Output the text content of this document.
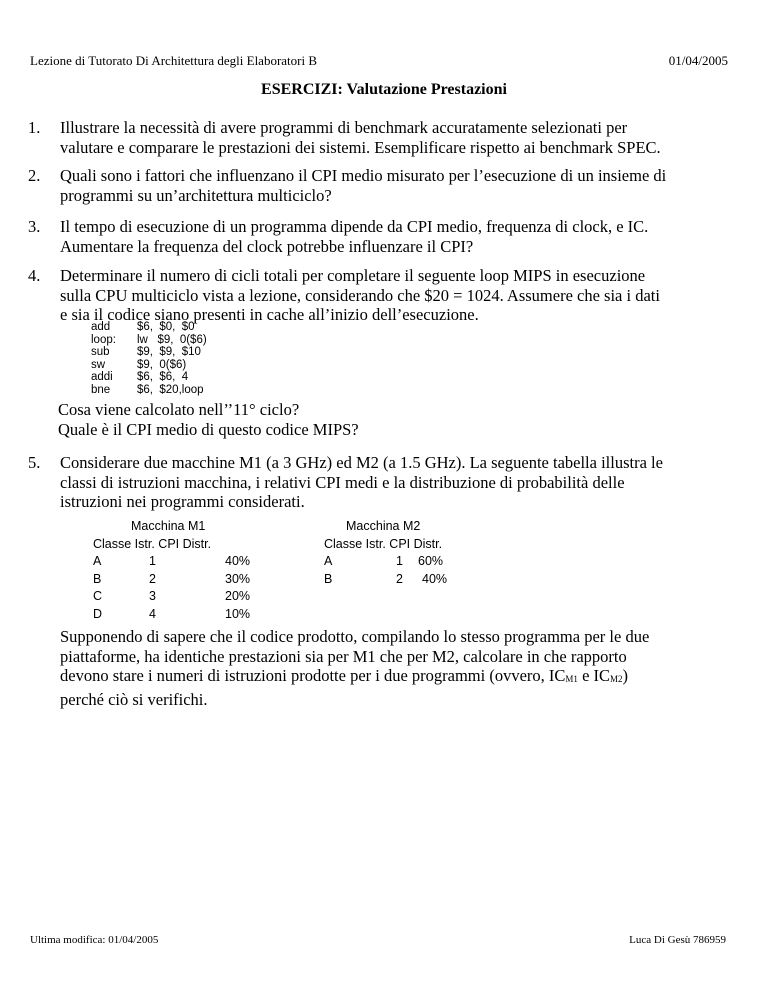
Lezione di Tutorato Di Architettura degli Elaboratori B	01/04/2005
ESERCIZI: Valutazione Prestazioni
1. Illustrare la necessità di avere programmi di benchmark accuratamente selezionati per
valutare e comparare le prestazioni dei sistemi. Esemplificare rispetto ai benchmark SPEC.
2. Quali sono i fattori che influenzano il CPI medio misurato per l’esecuzione di un insieme di
programmi su un’architettura multiciclo?
3. Il tempo di esecuzione di un programma dipende da CPI medio, frequenza di clock, e IC.
Aumentare la frequenza del clock potrebbe influenzare il CPI?
4. Determinare il numero di cicli totali per completare il seguente loop MIPS in esecuzione
sulla CPU multiciclo vista a lezione, considerando che $20 = 1024. Assumere che sia i dati
e sia il codice siano presenti in cache all’inizio dell’esecuzione.
add $6,  $0,  $0
loop: lw   $9,  0($6)
sub $9,  $9,  $10
sw	$9,  0($6)
addi $6,  $6,  4
bne $6,  $20,loop
Cosa viene calcolato nell’’11° ciclo?
Quale è il CPI medio di questo codice MIPS?
5. Considerare due macchine M1 (a 3 GHz) ed M2 (a 1.5 GHz). La seguente tabella illustra le
classi di istruzioni macchina, i relativi CPI medi e la distribuzione di probabilità delle
istruzioni nei programmi considerati.
Macchina M1
Classe Istr. CPI Distr.
A	1	40%
B	2	30%
C	3	20%
D	4	10%
Macchina M2
Classe Istr. CPI Distr.
A	1 60%
B	2 40%
Supponendo di sapere che il codice prodotto, compilando lo stesso programma per le due
piattaforme, ha identiche prestazioni sia per M1 che per M2, calcolare in che rapporto
devono stare i numeri di istruzioni prodotte per i due programmi (ovvero, $IC_{M1}$ e $IC_{M2}$)
perché ciò si verifichi.
Ultima modifica: 01/04/2005	Luca Di Gesù 786959
